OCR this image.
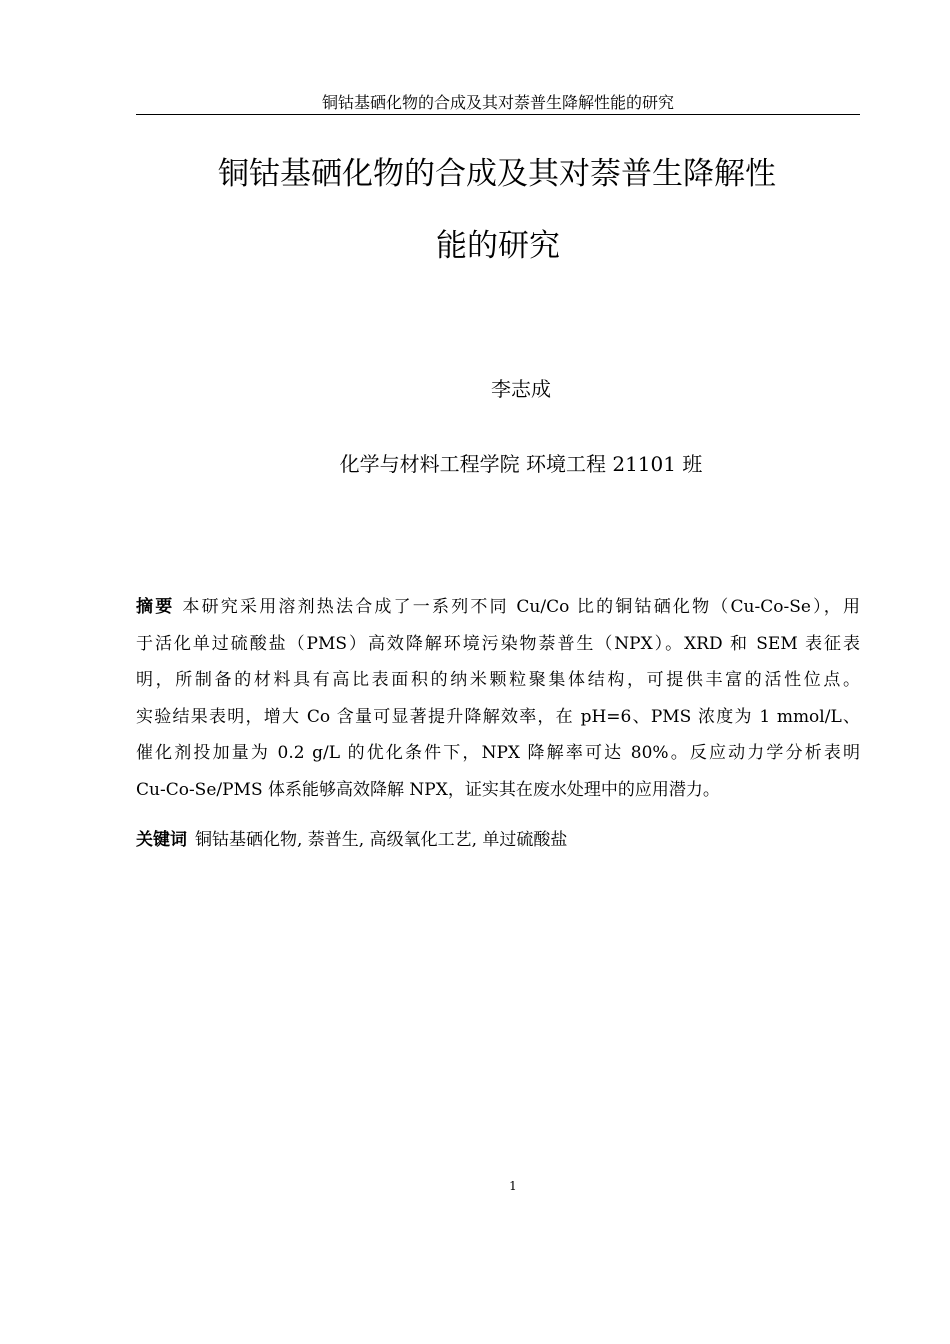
铜钴基硒化物的合成及其对萘普生降解性能的研究
铜钴基硒化物的合成及其对萘普生降解性
能的研究
李志成
化学与材料工程学院 环境工程 21101 班
摘要 本研究采用溶剂热法合成了一系列不同 Cu/Co 比的铜钴硒化物（Cu-Co-Se），用
于活化单过硫酸盐（PMS）高效降解环境污染物萘普生（NPX）。XRD 和 SEM 表征表
明，所制备的材料具有高比表面积的纳米颗粒聚集体结构，可提供丰富的活性位点。
实验结果表明，增大 Co 含量可显著提升降解效率，在 pH=6、PMS 浓度为 1 mmol/L、
催化剂投加量为 0.2 g/L 的优化条件下，NPX 降解率可达 80%。反应动力学分析表明
Cu-Co-Se/PMS 体系能够高效降解 NPX，证实其在废水处理中的应用潜力。
关键词 铜钴基硒化物, 萘普生, 高级氧化工艺, 单过硫酸盐
1
